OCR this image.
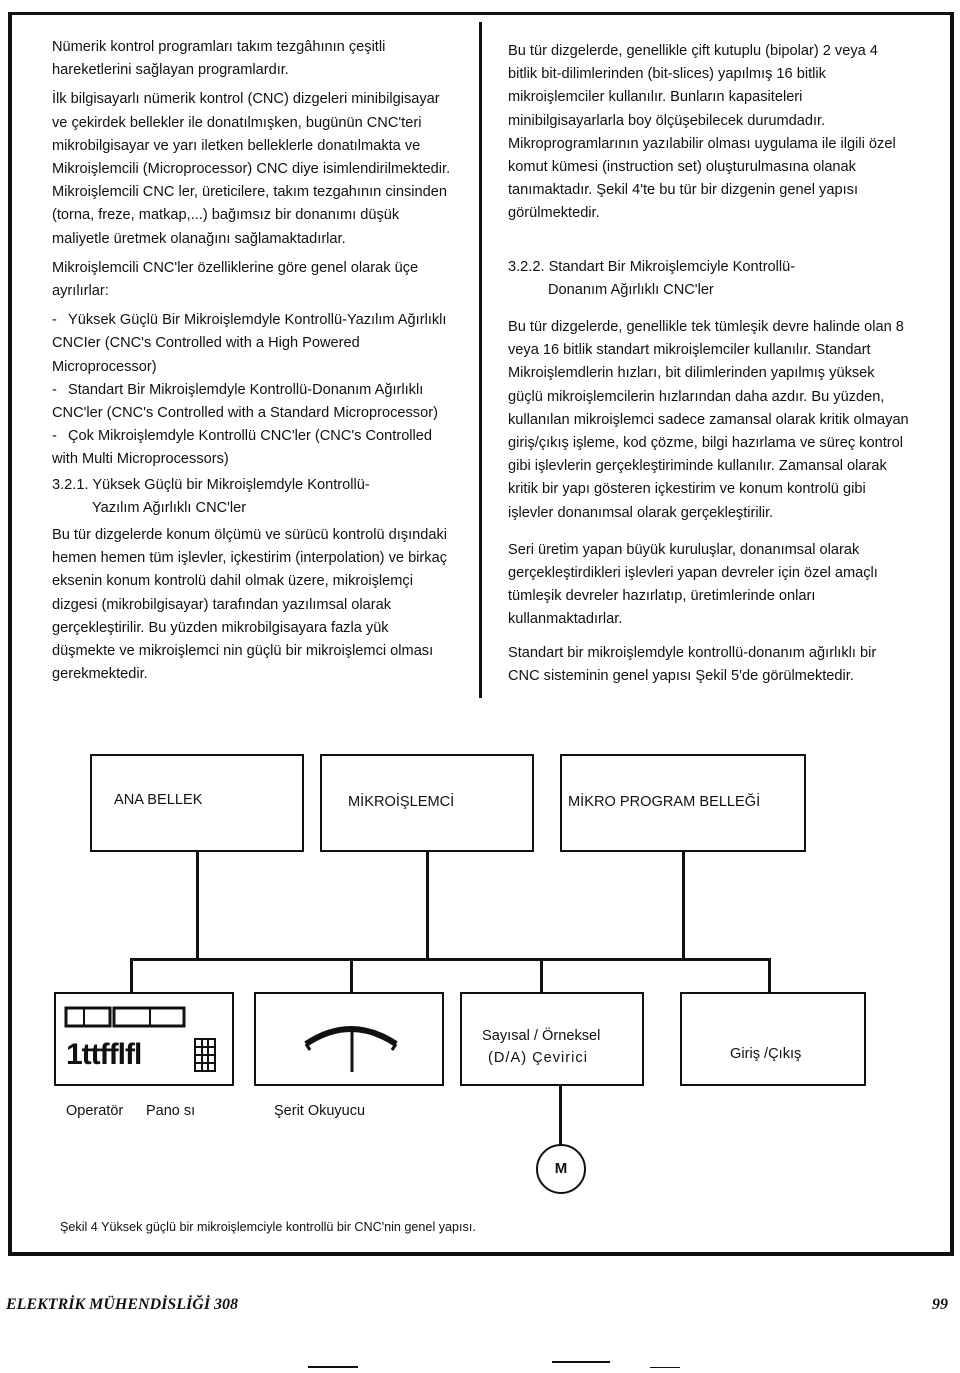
Nümerik kontrol programları takım tezgâhının çeşitli hareketlerini sağlayan programlardır.

İlk bilgisayarlı nümerik kontrol (CNC) dizgeleri minibilgisayar ve çekirdek bellekler ile donatılmışken, bugünün CNC'teri mikrobilgisayar ve yarı iletken belleklerle donatılmakta ve Mikroişlemcili (Microprocessor) CNC diye isimlendirilmektedir. Mikroişlemcili CNC ler, üreticilere, takım tezgahının cinsinden (torna, freze, matkap,...) bağımsız bir donanımı düşük maliyetle üretmek olanağını sağlamaktadırlar.

Mikroişlemcili CNC'ler özelliklerine göre genel olarak üçe ayrılırlar:

- Yüksek Güçlü Bir Mikroişlemdyle Kontrollü-Yazılım Ağırlıklı CNCIer (CNC's Controlled with a High Powered Microprocessor)
- Standart Bir Mikroişlemdyle Kontrollü-Donanım Ağırlıklı CNC'ler (CNC's Controlled with a Standard Microprocessor)
- Çok Mikroişlemdyle Kontrollü CNC'ler (CNC's Controlled with Multi Microprocessors)
3.2.1. Yüksek Güçlü bir Mikroişlemdyle Kontrollü-
Yazılım Ağırlıklı CNC'ler

Bu tür dizgelerde konum ölçümü ve sürücü kontrolü dışındaki hemen hemen tüm işlevler, içkestirim (interpolation) ve birkaç eksenin konum kontrolü dahil olmak üzere, mikroişlemçi dizgesi (mikrobilgisayar) tarafından yazılımsal olarak gerçekleştirilir. Bu yüzden mikrobilgisayara fazla yük düşmekte ve mikroişlemci nin güçlü bir mikroişlemci olması gerekmektedir.

Bu tür dizgelerde, genellikle çift kutuplu (bipolar) 2 veya 4 bitlik bit-dilimlerinden (bit-slices) yapılmış 16 bitlik mikroişlemciler kullanılır. Bunların kapasiteleri minibilgisayarlarla boy ölçüşebilecek durumdadır. Mikroprogramlarının yazılabilir olması uygulama ile ilgili özel komut kümesi (instruction set) oluşturulmasına olanak tanımaktadır. Şekil 4'te bu tür bir dizgenin genel yapısı görülmektedir.

3.2.2. Standart Bir Mikroişlemciyle Kontrollü-
Donanım Ağırlıklı CNC'ler

Bu tür dizgelerde, genellikle tek tümleşik devre halinde olan 8 veya 16 bitlik standart mikroişlemciler kullanılır. Standart Mikroişlemdlerin hızları, bit dilimlerinden yapılmış yüksek güçlü mikroişlemcilerin hızlarından daha azdır. Bu yüzden, kullanılan mikroişlemci sadece zamansal olarak kritik olmayan giriş/çıkış işleme, kod çözme, bilgi hazırlama ve süreç kontrol gibi işlevlerin gerçekleştiriminde kullanılır. Zamansal olarak kritik bir yapı gösteren içkestirim ve konum kontrolü gibi işlevler donanımsal olarak gerçekleştirilir.

Seri üretim yapan büyük kuruluşlar, donanımsal olarak gerçekleştirdikleri işlevleri yapan devreler için özel amaçlı tümleşik devreler hazırlatıp, üretimlerinde onları kullanmaktadırlar.

Standart bir mikroişlemdyle kontrollü-donanım ağırlıklı bir CNC sisteminin genel yapısı Şekil 5'de görülmektedir.

ANA BELLEK	MİKROİŞLEMCİ	MİKRO PROGRAM BELLEĞİ
1ttfflfl
Sayısal / Örneksel
(D/A) Çevirici	Giriş /Çıkış
Operatör Pano sı	Şerit Okuyucu
M
Şekil 4 Yüksek güçlü bir mikroişlemciyle kontrollü bir CNC'nin genel yapısı.
ELEKTRİK MÜHENDİSLİĞİ 308	99
